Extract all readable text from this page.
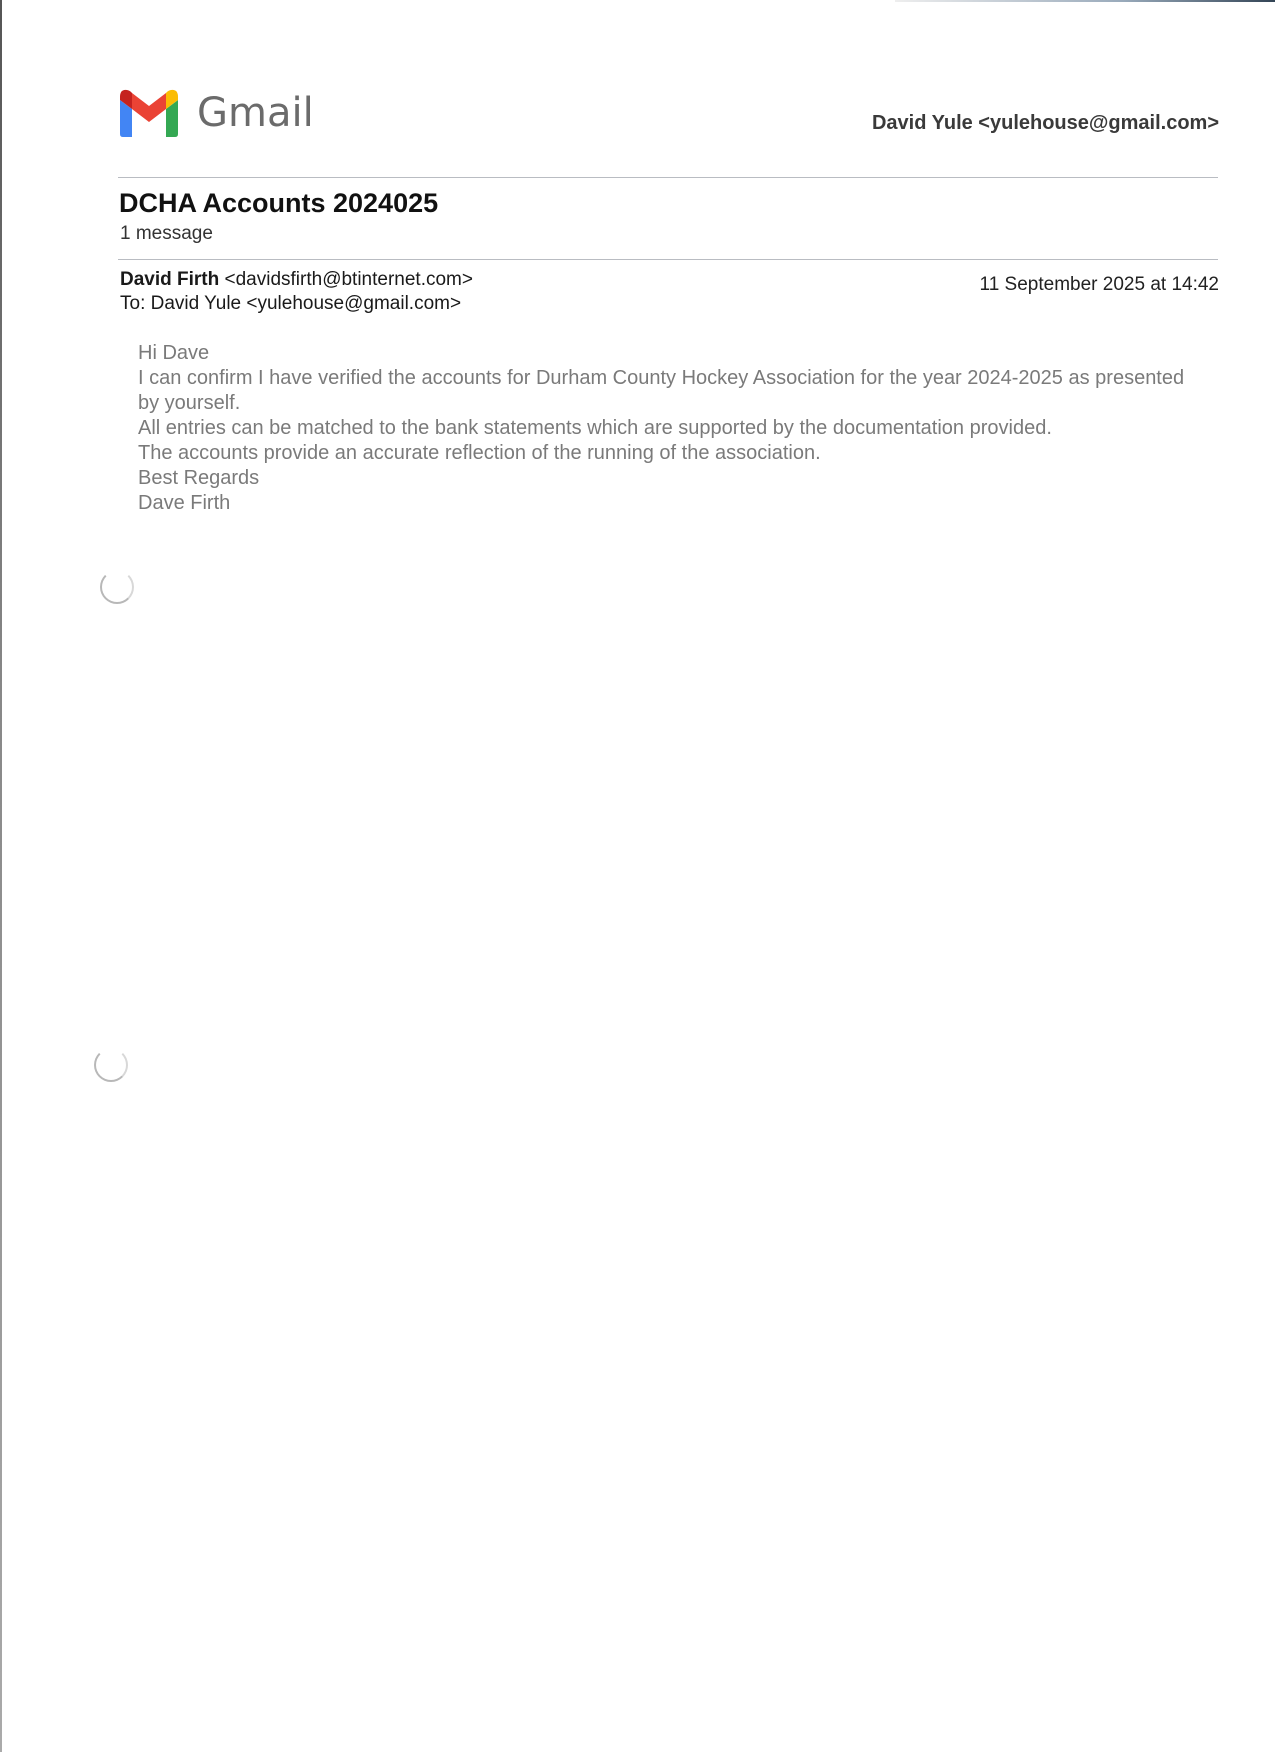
Gmail	David Yule <yulehouse@gmail.com>
DCHA Accounts 2024025
1 message
David Firth <davidsfirth@btinternet.com>
To: David Yule <yulehouse@gmail.com>
11 September 2025 at 14:42

Hi Dave

I can confirm I have verified the accounts for Durham County Hockey Association for the year 2024-2025 as presented by yourself.

All entries can be matched to the bank statements which are supported by the documentation provided.

The accounts provide an accurate reflection of the running of the association.

Best Regards

Dave Firth
